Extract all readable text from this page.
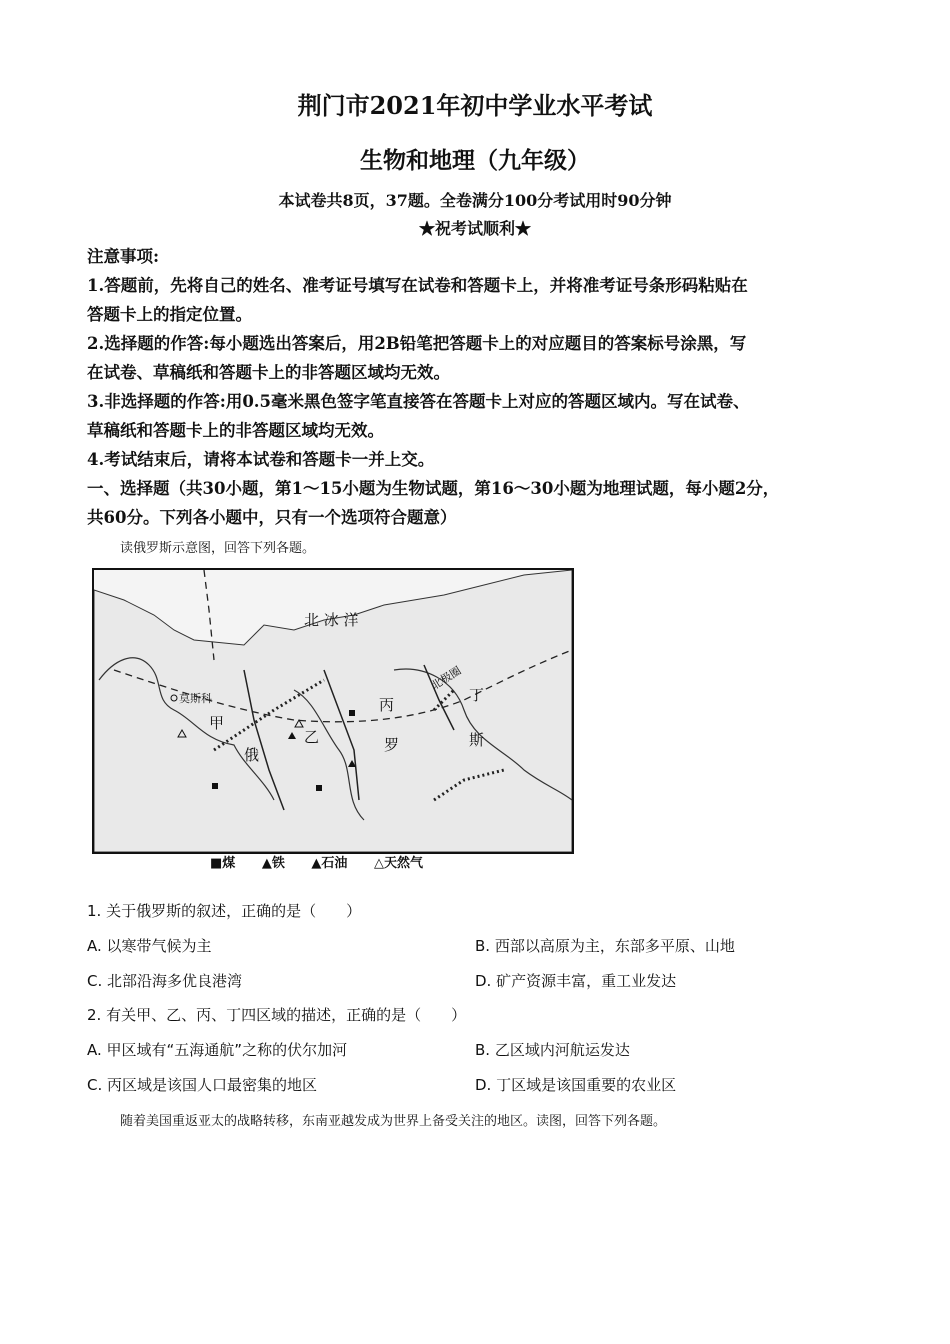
荆门市2021年初中学业水平考试
生物和地理（九年级）
本试卷共8页，37题。全卷满分100分考试用时90分钟
★祝考试顺利★
注意事项:
1.答题前，先将自己的姓名、准考证号填写在试卷和答题卡上，并将准考证号条形码粘贴在
答题卡上的指定位置。
2.选择题的作答:每小题选出答案后，用2B铅笔把答题卡上的对应题目的答案标号涂黑，写
在试卷、草稿纸和答题卡上的非答题区域均无效。
3.非选择题的作答:用0.5毫米黑色签字笔直接答在答题卡上对应的答题区域内。写在试卷、
草稿纸和答题卡上的非答题区域均无效。
4.考试结束后，请将本试卷和答题卡一并上交。
一、选择题（共30小题，第1～15小题为生物试题，第16～30小题为地理试题，每小题2分，
共60分。下列各小题中，只有一个选项符合题意）
读俄罗斯示意图，回答下列各题。
北 冰 洋
北极圈
莫斯科
甲
俄
乙
丙
罗
丁
斯
■煤 ▲铁 ▲石油 △天然气
1. 关于俄罗斯的叙述，正确的是（　　）
A. 以寒带气候为主	B. 西部以高原为主，东部多平原、山地
C. 北部沿海多优良港湾	D. 矿产资源丰富，重工业发达
2. 有关甲、乙、丙、丁四区域的描述，正确的是（　　）
A. 甲区域有“五海通航”之称的伏尔加河	B. 乙区域内河航运发达
C. 丙区域是该国人口最密集的地区	D. 丁区域是该国重要的农业区
随着美国重返亚太的战略转移，东南亚越发成为世界上备受关注的地区。读图，回答下列各题。
